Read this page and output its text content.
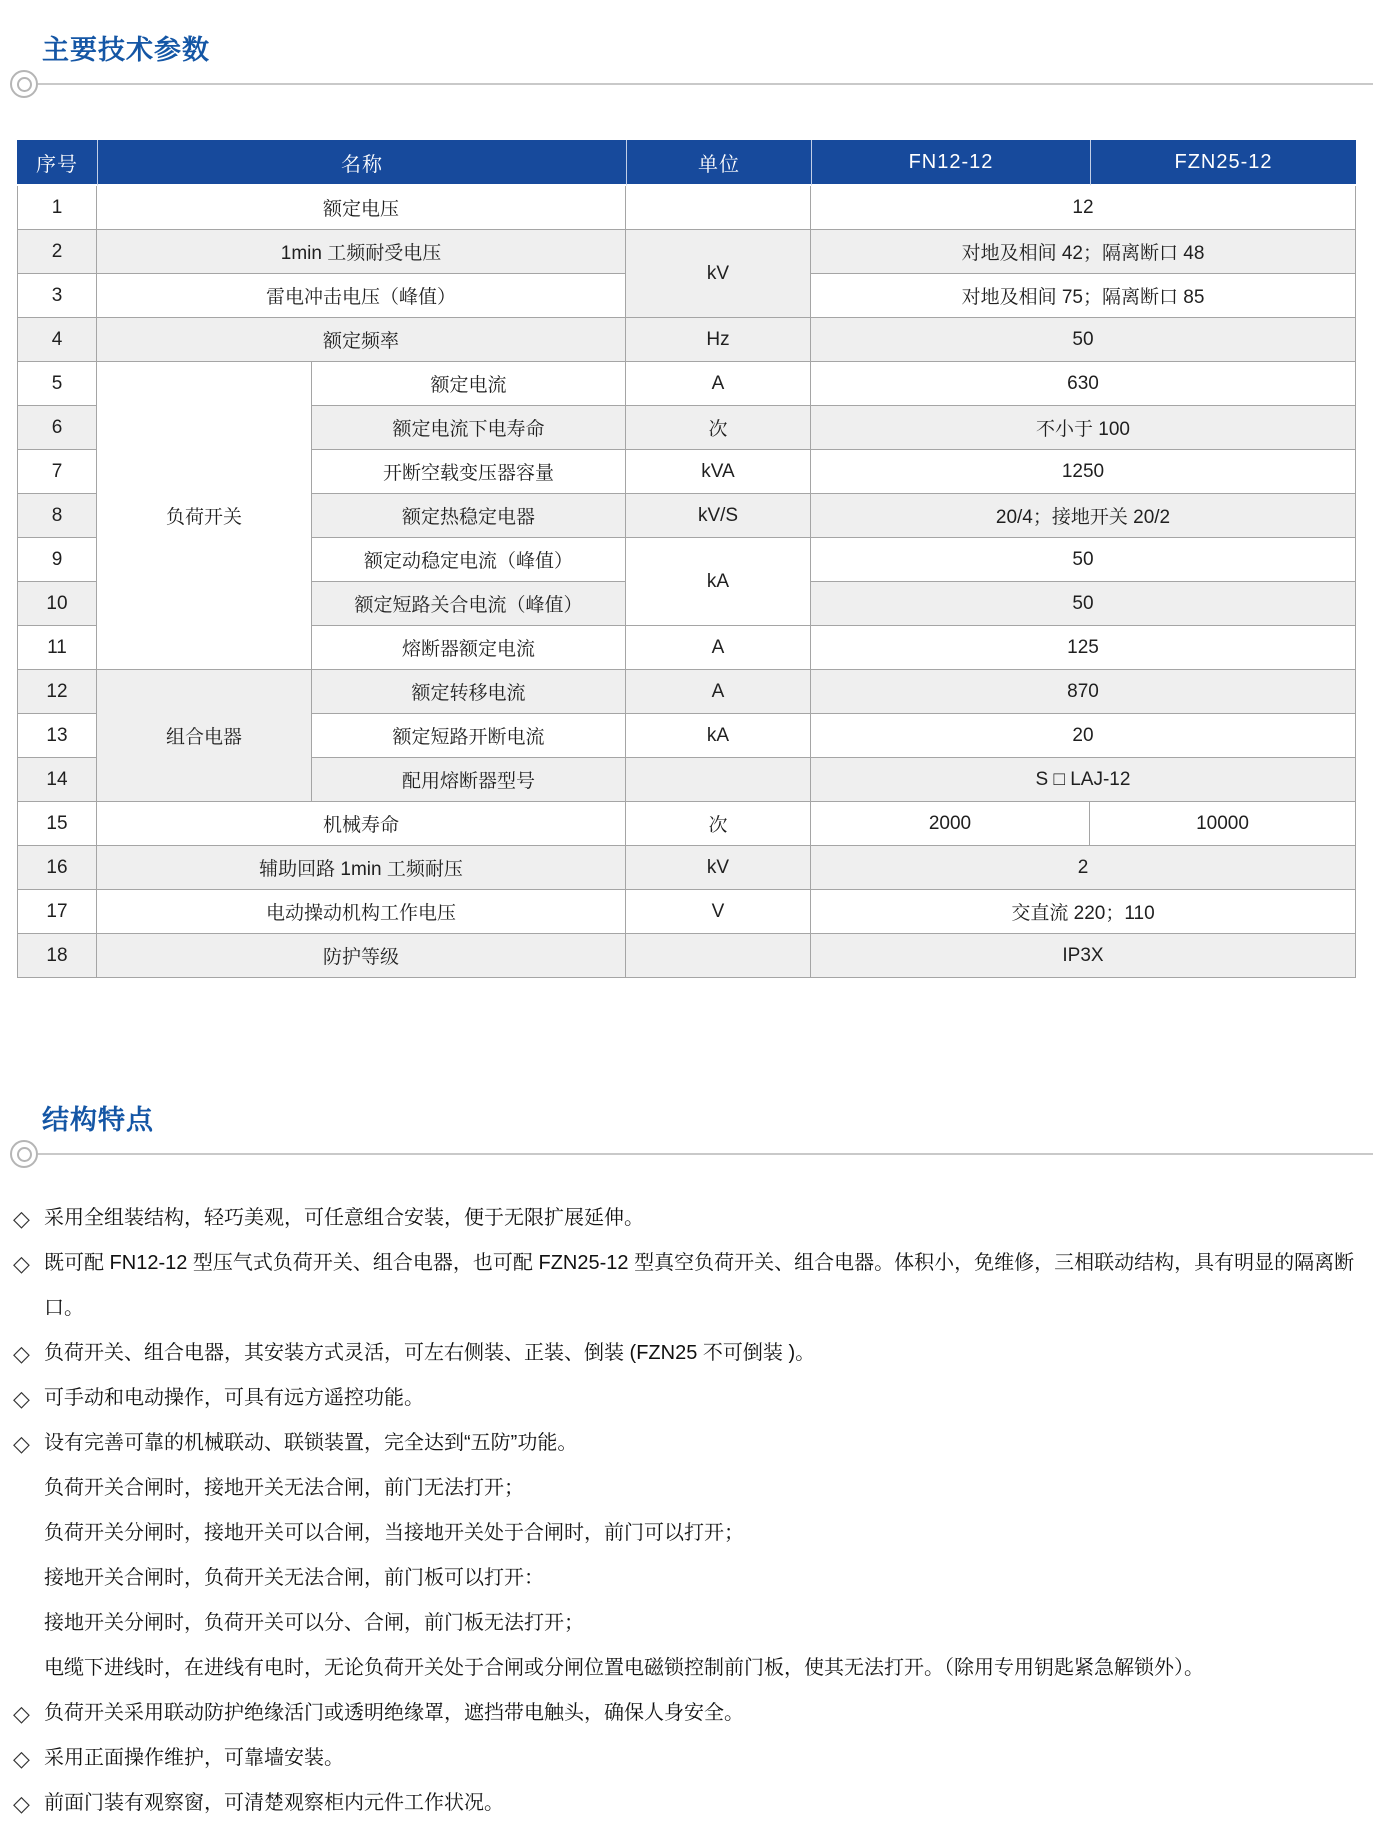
主要技术参数
序号	名称		单位	FN12-12	FZN25-12
1	额定电压			12	
2	1min 工频耐受电压		kV	对地及相间 42；隔离断口 48	
3	雷电冲击电压（峰值）			对地及相间 75；隔离断口 85	
4	额定频率		Hz	50	
5	负荷开关	额定电流	A	630	
6		额定电流下电寿命	次	不小于 100	
7		开断空载变压器容量	kVA	1250	
8		额定热稳定电器	kV/S	20/4；接地开关 20/2	
9		额定动稳定电流（峰值）	kA	50	
10		额定短路关合电流（峰值）		50	
11		熔断器额定电流	A	125	
12	组合电器	额定转移电流	A	870	
13		额定短路开断电流	kA	20	
14		配用熔断器型号		S □ LAJ-12	
15	机械寿命		次	2000	10000
16	辅助回路 1min 工频耐压		kV	2	
17	电动操动机构工作电压		V	交直流 220；110	
18	防护等级			IP3X	
结构特点
◇ 采用全组装结构，轻巧美观，可任意组合安装，便于无限扩展延伸。
◇ 既可配 FN12-12 型压气式负荷开关、组合电器，也可配 FZN25-12 型真空负荷开关、组合电器。体积小，免维修，三相联动结构，具有明显的隔离断口。
◇ 负荷开关、组合电器，其安装方式灵活，可左右侧装、正装、倒装 (FZN25 不可倒装 )。
◇ 可手动和电动操作，可具有远方遥控功能。
◇ 设有完善可靠的机械联动、联锁装置，完全达到“五防”功能。
负荷开关合闸时，接地开关无法合闸，前门无法打开；
负荷开关分闸时，接地开关可以合闸，当接地开关处于合闸时，前门可以打开；
接地开关合闸时，负荷开关无法合闸，前门板可以打开：
接地开关分闸时，负荷开关可以分、合闸，前门板无法打开；
电缆下进线时，在进线有电时，无论负荷开关处于合闸或分闸位置电磁锁控制前门板，使其无法打开。（除用专用钥匙紧急解锁外）。
◇ 负荷开关采用联动防护绝缘活门或透明绝缘罩，遮挡带电触头，确保人身安全。
◇ 采用正面操作维护，可靠墙安装。
◇ 前面门装有观察窗，可清楚观察柜内元件工作状况。
